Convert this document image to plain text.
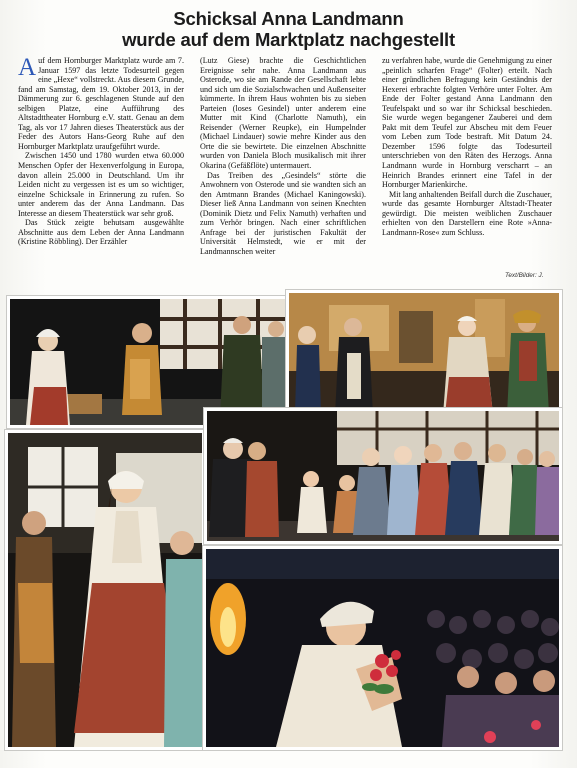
Schicksal Anna Landmann
wurde auf dem Marktplatz nachgestellt

Auf dem Hornburger Marktplatz wurde am 7. Januar 1597 das letzte Todesurteil gegen eine „Hexe“ vollstreckt. Aus diesem Grunde, fand am Samstag, dem 19. Oktober 2013, in der Dämmerung zur 6. geschlagenen Stunde auf den selbigen Platze, eine Aufführung des Altstadttheater Hornburg e.V. statt. Genau an dem Tag, als vor 17 Jahren dieses Theaterstück aus der Feder des Autors Hans-Georg Ruhe auf den Hornburger Marktplatz uraufgeführt wurde.

Zwischen 1450 und 1780 wurden etwa 60.000 Menschen Opfer der Hexenverfolgung in Europa, davon allein 25.000 in Deutschland. Um ihr Leiden nicht zu vergessen ist es um so wichtiger, einzelne Schicksale in Erinnerung zu rufen. So unter anderem das der Anna Landmann. Das Interesse an diesem Theaterstück war sehr groß.

Das Stück zeigte behutsam ausgewählte Abschnitte aus dem Leben der Anna Landmann (Kristine Röbbling). Der Erzähler

(Lutz Giese) brachte die Geschichtlichen Ereignisse sehr nahe. Anna Landmann aus Osterode, wo sie am Rande der Gesellschaft lebte und sich um die Sozialschwachen und Außenseiter kümmerte. In ihrem Haus wohnten bis zu sieben Parteien (loses Gesindel) unter anderem eine Mutter mit Kind (Charlotte Namuth), ein Reisender (Werner Reupke), ein Humpelnder (Michael Lindauer) sowie mehre Kinder aus den Orte die sie bewirtete. Die einzelnen Abschnitte wurden von Daniela Bloch musikalisch mit ihrer Okarina (Gefäßflöte) untermauert.

Das Treiben des „Gesindels“ störte die Anwohnern von Osterode und sie wandten sich an den Amtmann Brandes (Michael Kaningowski). Dieser ließ Anna Landmann von seinen Knechten (Dominik Dietz und Felix Namuth) verhaften und zum Verhör bringen. Nach einer schriftlichen Anfrage bei der juristischen Fakultät der Universität Helmstedt, wie er mit der Landmannschen weiter

zu verfahren habe, wurde die Genehmigung zu einer „peinlich scharfen Frage“ (Folter) erteilt. Nach einer gründlichen Befragung kein Geständnis der Hexerei erbrachte folgten Verhöre unter Folter. Am Ende der Folter gestand Anna Landmann den Teufelspakt und so war ihr Schicksal beschieden. Sie wurde wegen begangener Zauberei und dem Pakt mit dem Teufel zur Abscheu mit dem Feuer vom Leben zum Tode bestraft. Mit Datum 24. Dezember 1596 folgte das Todesurteil unterschrieben von den Räten des Herzogs. Anna Landmann wurde in Hornburg verscharrt – an Heinrich Brandes erinnert eine Tafel in der Hornburger Marienkirche.

Mit lang anhaltenden Beifall durch die Zuschauer, wurde das gesamte Hornburger Altstadt-Theater gewürdigt. Die meisten weiblichen Zuschauer erhielten von den Darstellern eine Rote »Anna-Landmann-Rose« zum Schluss.

Text/Bilder: J.
